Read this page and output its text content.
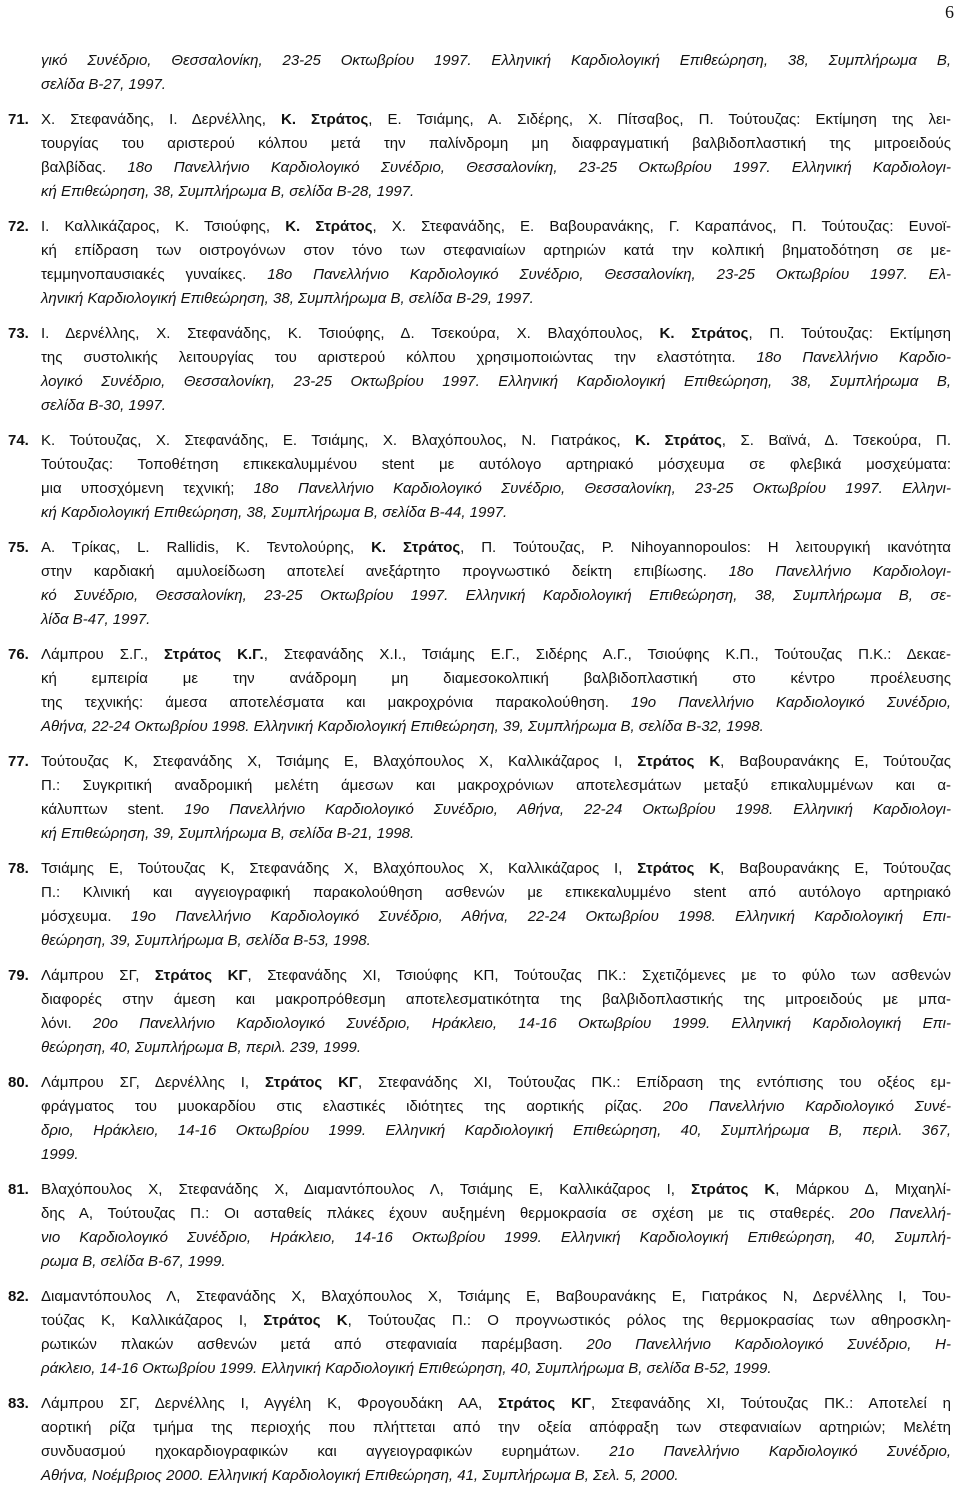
6
γικό Συνέδριο, Θεσσαλονίκη, 23-25 Οκτωβρίου 1997. Ελληνική Καρδιολογική Επιθεώρηση, 38, Συμπλήρωμα Β,
σελίδα Β-27, 1997.
71. Χ. Στεφανάδης, Ι. Δερνέλλης, Κ. Στράτος, Ε. Τσιάμης, Α. Σιδέρης, Χ. Πίτσαβος, Π. Τούτουζας: Εκτίμηση της λει-
τουργίας του αριστερού κόλπου μετά την παλίνδρομη μη διαφραγματική βαλβιδοπλαστική της μιτροειδούς
βαλβίδας. 18ο Πανελλήνιο Καρδιολογικό Συνέδριο, Θεσσαλονίκη, 23-25 Οκτωβρίου 1997. Ελληνική Καρδιολογι-
κή Επιθεώρηση, 38, Συμπλήρωμα Β, σελίδα Β-28, 1997.
72. Ι. Καλλικάζαρος, Κ. Τσιούφης, Κ. Στράτος, Χ. Στεφανάδης, Ε. Βαβουρανάκης, Γ. Καραπάνος, Π. Τούτουζας: Ευνοϊ-
κή επίδραση των οιστρογόνων στον τόνο των στεφανιαίων αρτηριών κατά την κολπική βηματοδότηση σε με-
τεμμηνοπαυσιακές γυναίκες. 18ο Πανελλήνιο Καρδιολογικό Συνέδριο, Θεσσαλονίκη, 23-25 Οκτωβρίου 1997. Ελ-
ληνική Καρδιολογική Επιθεώρηση, 38, Συμπλήρωμα Β, σελίδα Β-29, 1997.
73. Ι. Δερνέλλης, Χ. Στεφανάδης, Κ. Τσιούφης, Δ. Τσεκούρα, Χ. Βλαχόπουλος, Κ. Στράτος, Π. Τούτουζας: Εκτίμηση
της συστολικής λειτουργίας του αριστερού κόλπου χρησιμοποιώντας την ελαστότητα. 18ο Πανελλήνιο Καρδιο-
λογικό Συνέδριο, Θεσσαλονίκη, 23-25 Οκτωβρίου 1997. Ελληνική Καρδιολογική Επιθεώρηση, 38, Συμπλήρωμα Β,
σελίδα Β-30, 1997.
74. Κ. Τούτουζας, Χ. Στεφανάδης, Ε. Τσιάμης, Χ. Βλαχόπουλος, Ν. Γιατράκος, Κ. Στράτος, Σ. Βαϊνά, Δ. Τσεκούρα, Π.
Τούτουζας: Τοποθέτηση επικεκαλυμμένου stent με αυτόλογο αρτηριακό μόσχευμα σε φλεβικά μοσχεύματα:
μια υποσχόμενη τεχνική; 18ο Πανελλήνιο Καρδιολογικό Συνέδριο, Θεσσαλονίκη, 23-25 Οκτωβρίου 1997. Ελληνι-
κή Καρδιολογική Επιθεώρηση, 38, Συμπλήρωμα Β, σελίδα Β-44, 1997.
75. Α. Τρίκας, L. Rallidis, Κ. Τεντολούρης, Κ. Στράτος, Π. Τούτουζας, P. Nihoyannopoulos: Η λειτουργική ικανότητα
στην καρδιακή αμυλοείδωση αποτελεί ανεξάρτητο προγνωστικό δείκτη επιβίωσης. 18ο Πανελλήνιο Καρδιολογι-
κό Συνέδριο, Θεσσαλονίκη, 23-25 Οκτωβρίου 1997. Ελληνική Καρδιολογική Επιθεώρηση, 38, Συμπλήρωμα Β, σε-
λίδα Β-47, 1997.
76. Λάμπρου Σ.Γ., Στράτος Κ.Γ., Στεφανάδης Χ.Ι., Τσιάμης Ε.Γ., Σιδέρης Α.Γ., Τσιούφης Κ.Π., Τούτουζας Π.Κ.: Δεκαε-
κή εμπειρία με την ανάδρομη μη διαμεσοκολπική βαλβιδοπλαστική στο κέντρο προέλευσης
της τεχνικής: άμεσα αποτελέσματα και μακροχρόνια παρακολούθηση. 19ο Πανελλήνιο Καρδιολογικό Συνέδριο,
Αθήνα, 22-24 Οκτωβρίου 1998. Ελληνική Καρδιολογική Επιθεώρηση, 39, Συμπλήρωμα Β, σελίδα Β-32, 1998.
77. Τούτουζας Κ, Στεφανάδης Χ, Τσιάμης Ε, Βλαχόπουλος Χ, Καλλικάζαρος Ι, Στράτος Κ, Βαβουρανάκης Ε, Τούτουζας
Π.: Συγκριτική αναδρομική μελέτη άμεσων και μακροχρόνιων αποτελεσμάτων μεταξύ επικαλυμμένων και α-
κάλυπτων stent. 19ο Πανελλήνιο Καρδιολογικό Συνέδριο, Αθήνα, 22-24 Οκτωβρίου 1998. Ελληνική Καρδιολογι-
κή Επιθεώρηση, 39, Συμπλήρωμα Β, σελίδα Β-21, 1998.
78. Τσιάμης Ε, Τούτουζας Κ, Στεφανάδης Χ, Βλαχόπουλος Χ, Καλλικάζαρος Ι, Στράτος Κ, Βαβουρανάκης Ε, Τούτουζας
Π.: Κλινική και αγγειογραφική παρακολούθηση ασθενών με επικεκαλυμμένο stent από αυτόλογο αρτηριακό
μόσχευμα. 19ο Πανελλήνιο Καρδιολογικό Συνέδριο, Αθήνα, 22-24 Οκτωβρίου 1998. Ελληνική Καρδιολογική Επι-
θεώρηση, 39, Συμπλήρωμα Β, σελίδα Β-53, 1998.
79. Λάμπρου ΣΓ, Στράτος ΚΓ, Στεφανάδης ΧΙ, Τσιούφης ΚΠ, Τούτουζας ΠΚ.: Σχετιζόμενες με το φύλο των ασθενών
διαφορές στην άμεση και μακροπρόθεσμη αποτελεσματικότητα της βαλβιδοπλαστικής της μιτροειδούς με μπα-
λόνι. 20ο Πανελλήνιο Καρδιολογικό Συνέδριο, Ηράκλειο, 14-16 Οκτωβρίου 1999. Ελληνική Καρδιολογική Επι-
θεώρηση, 40, Συμπλήρωμα Β, περιλ. 239, 1999.
80. Λάμπρου ΣΓ, Δερνέλλης Ι, Στράτος ΚΓ, Στεφανάδης ΧΙ, Τούτουζας ΠΚ.: Επίδραση της εντόπισης του οξέος εμ-
φράγματος του μυοκαρδίου στις ελαστικές ιδιότητες της αορτικής ρίζας. 20ο Πανελλήνιο Καρδιολογικό Συνέ-
δριο, Ηράκλειο, 14-16 Οκτωβρίου 1999. Ελληνική Καρδιολογική Επιθεώρηση, 40, Συμπλήρωμα Β, περιλ. 367,
1999.
81. Βλαχόπουλος Χ, Στεφανάδης Χ, Διαμαντόπουλος Λ, Τσιάμης Ε, Καλλικάζαρος Ι, Στράτος Κ, Μάρκου Δ, Μιχαηλί-
δης Α, Τούτουζας Π.: Οι ασταθείς πλάκες έχουν αυξημένη θερμοκρασία σε σχέση με τις σταθερές. 20ο Πανελλή-
νιο Καρδιολογικό Συνέδριο, Ηράκλειο, 14-16 Οκτωβρίου 1999. Ελληνική Καρδιολογική Επιθεώρηση, 40, Συμπλή-
ρωμα Β, σελίδα Β-67, 1999.
82. Διαμαντόπουλος Λ, Στεφανάδης Χ, Βλαχόπουλος Χ, Τσιάμης Ε, Βαβουρανάκης Ε, Γιατράκος Ν, Δερνέλλης Ι, Του-
τούζας Κ, Καλλικάζαρος Ι, Στράτος Κ, Τούτουζας Π.: Ο προγνωστικός ρόλος της θερμοκρασίας των αθηροσκλη-
ρωτικών πλακών ασθενών μετά από στεφανιαία παρέμβαση. 20ο Πανελλήνιο Καρδιολογικό Συνέδριο, Η-
ράκλειο, 14-16 Οκτωβρίου 1999. Ελληνική Καρδιολογική Επιθεώρηση, 40, Συμπλήρωμα Β, σελίδα Β-52, 1999.
83. Λάμπρου ΣΓ, Δερνέλλης Ι, Αγγέλη Κ, Φρογουδάκη ΑΑ, Στράτος ΚΓ, Στεφανάδης ΧΙ, Τούτουζας ΠΚ.: Αποτελεί η
αορτική ρίζα τμήμα της περιοχής που πλήττεται από την οξεία απόφραξη των στεφανιαίων αρτηριών; Μελέτη
συνδυασμού ηχοκαρδιογραφικών και αγγειογραφικών ευρημάτων. 21ο Πανελλήνιο Καρδιολογικό Συνέδριο,
Αθήνα, Νοέμβριος 2000. Ελληνική Καρδιολογική Επιθεώρηση, 41, Συμπλήρωμα Β, Σελ. 5, 2000.
